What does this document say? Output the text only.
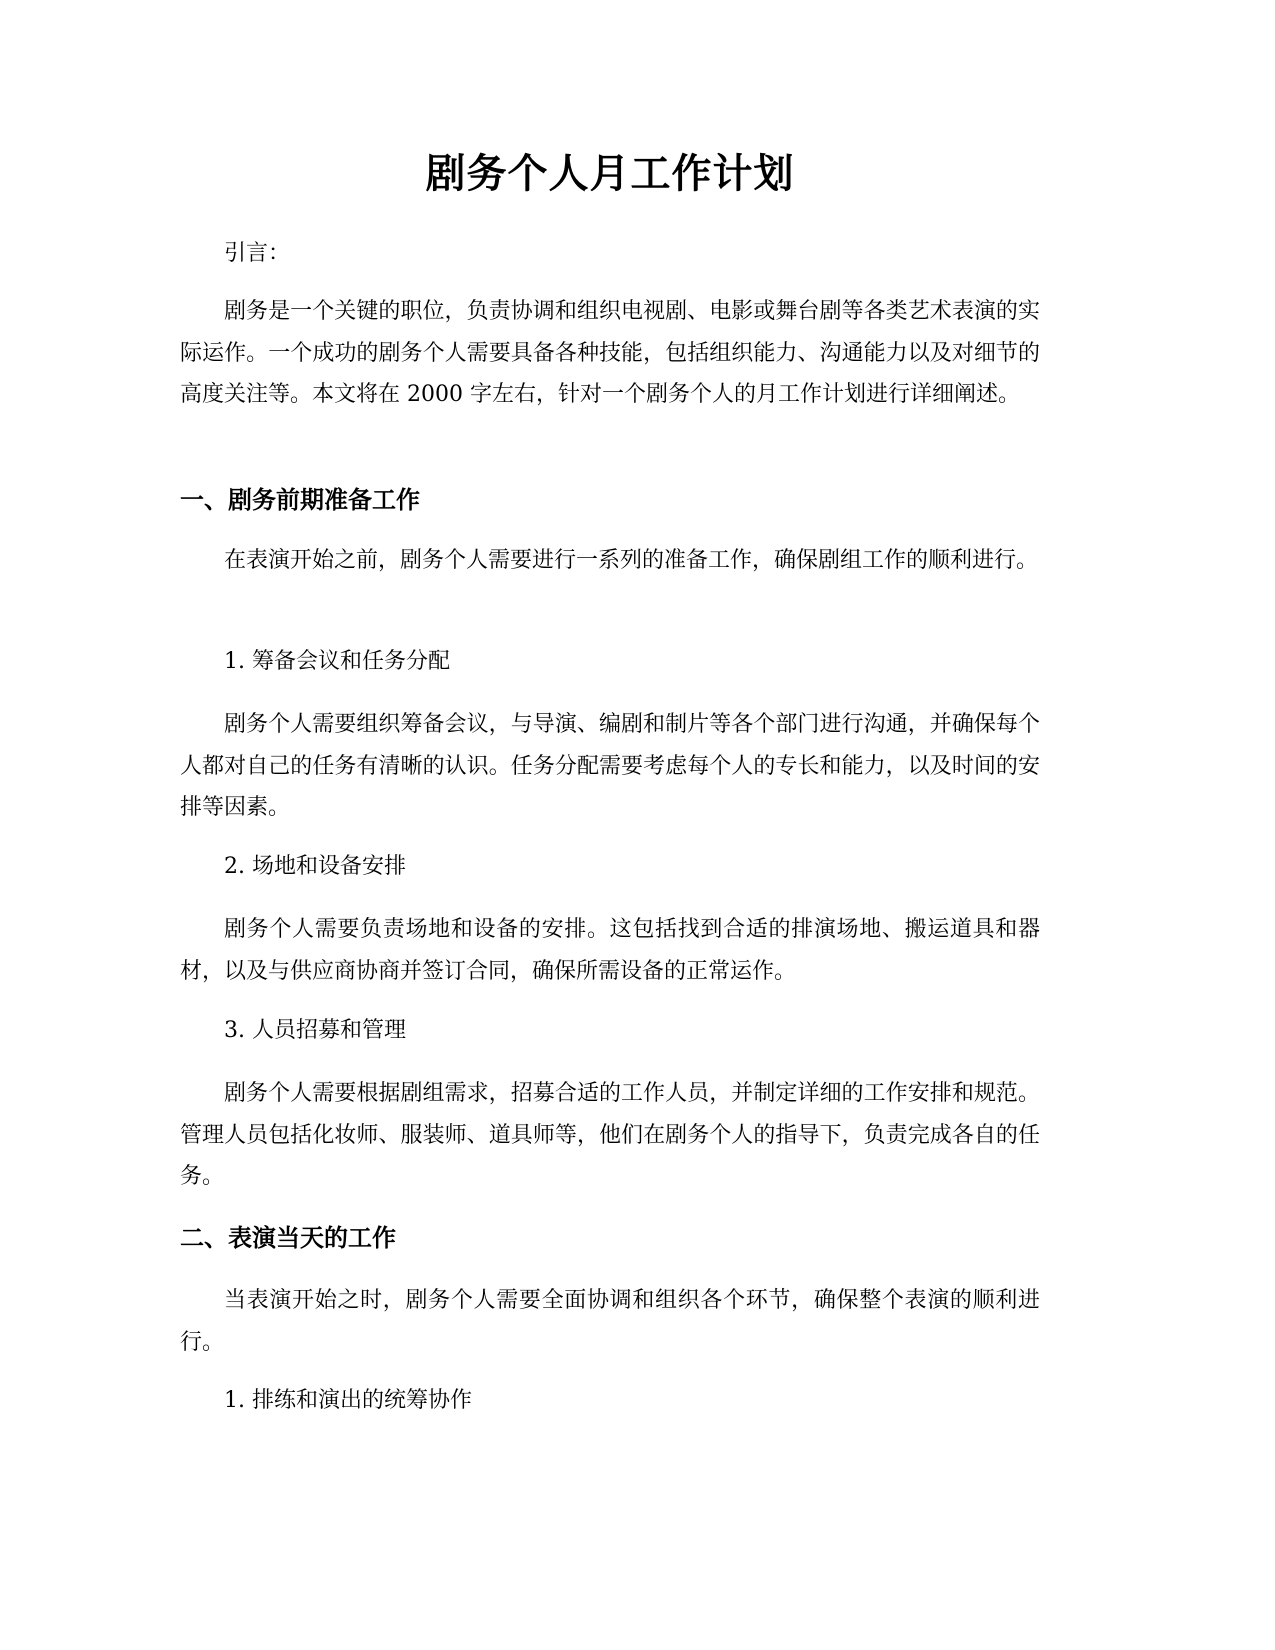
剧务个人月工作计划

引言：

剧务是一个关键的职位，负责协调和组织电视剧、电影或舞台剧等各类艺术表演的实际运作。一个成功的剧务个人需要具备各种技能，包括组织能力、沟通能力以及对细节的高度关注等。本文将在 2000 字左右，针对一个剧务个人的月工作计划进行详细阐述。

一、剧务前期准备工作

在表演开始之前，剧务个人需要进行一系列的准备工作，确保剧组工作的顺利进行。

1. 筹备会议和任务分配

剧务个人需要组织筹备会议，与导演、编剧和制片等各个部门进行沟通，并确保每个人都对自己的任务有清晰的认识。任务分配需要考虑每个人的专长和能力，以及时间的安排等因素。

2. 场地和设备安排

剧务个人需要负责场地和设备的安排。这包括找到合适的排演场地、搬运道具和器材，以及与供应商协商并签订合同，确保所需设备的正常运作。

3. 人员招募和管理

剧务个人需要根据剧组需求，招募合适的工作人员，并制定详细的工作安排和规范。管理人员包括化妆师、服装师、道具师等，他们在剧务个人的指导下，负责完成各自的任务。

二、表演当天的工作

当表演开始之时，剧务个人需要全面协调和组织各个环节，确保整个表演的顺利进行。

1. 排练和演出的统筹协作
